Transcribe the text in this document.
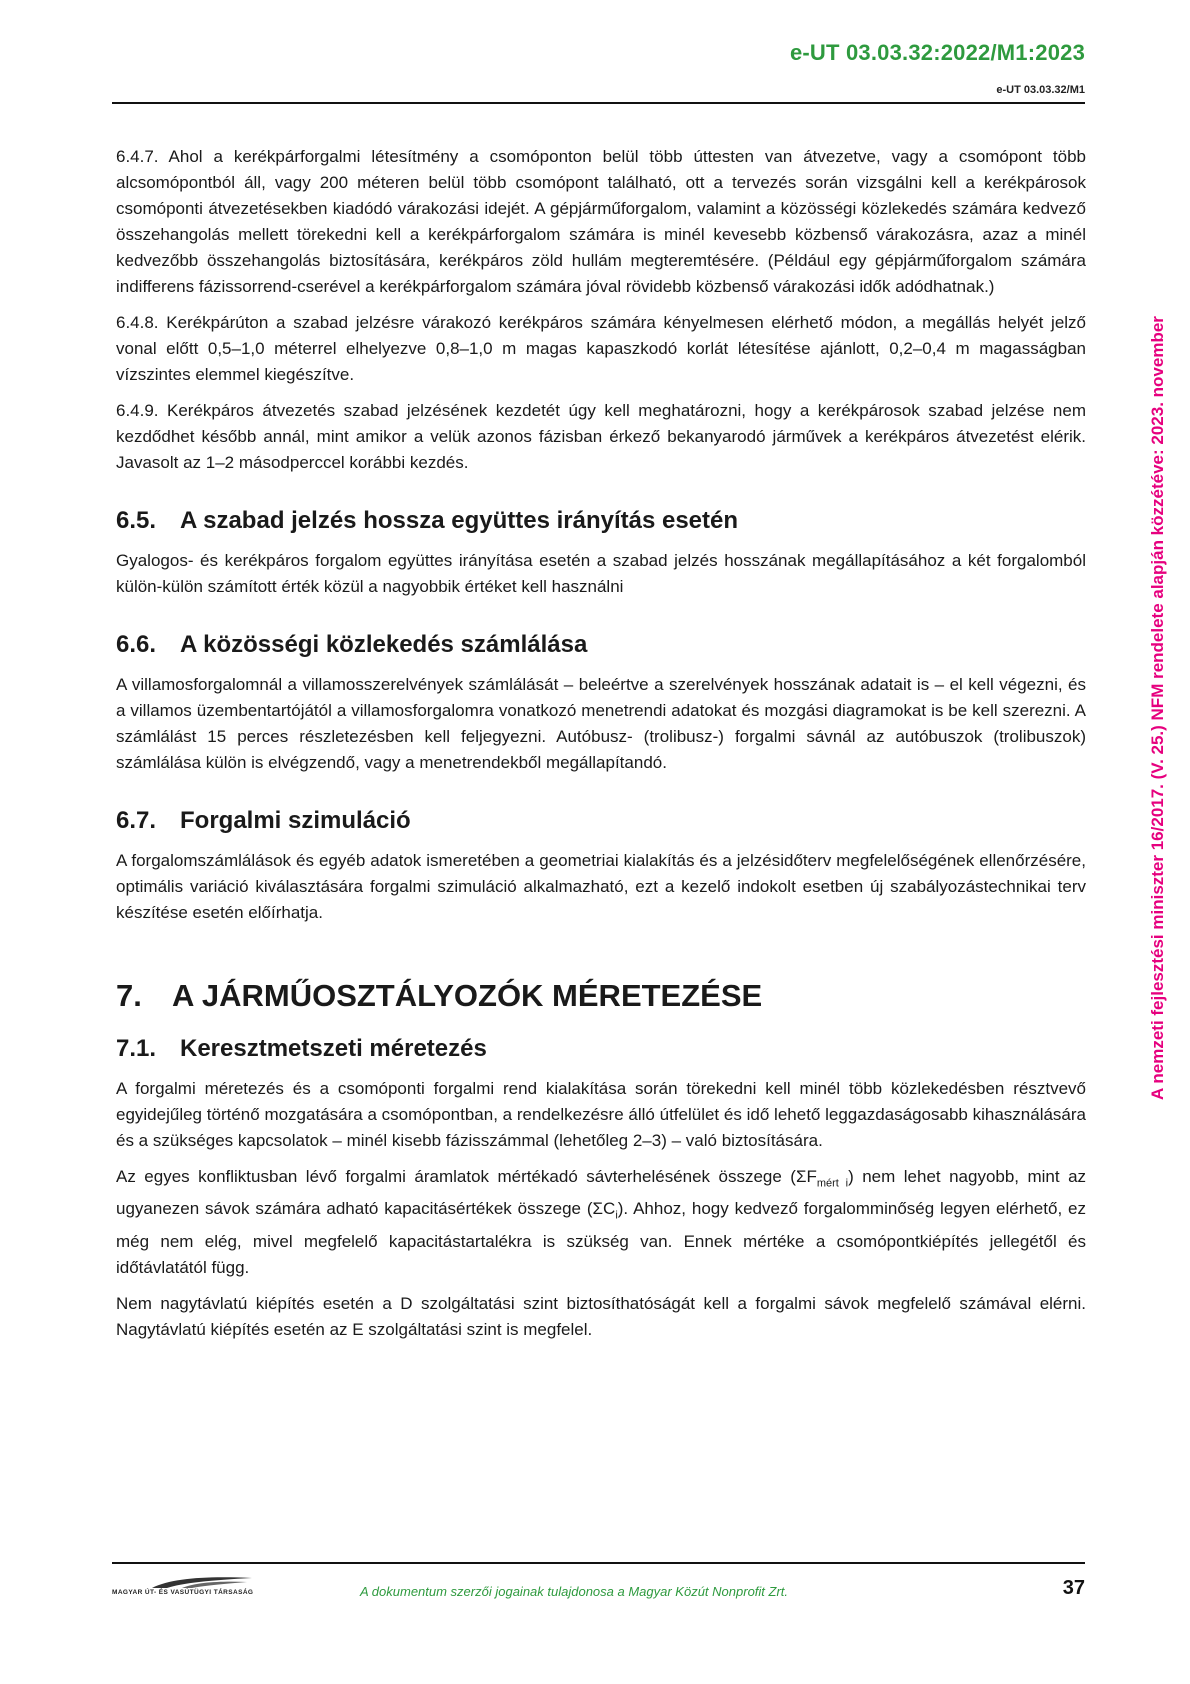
e-UT 03.03.32:2022/M1:2023
e-UT 03.03.32/M1
A nemzeti fejlesztési miniszter 16/2017. (V. 25.) NFM rendelete alapján közzétéve: 2023. november

6.4.7. Ahol a kerékpárforgalmi létesítmény a csomóponton belül több úttesten van átvezetve, vagy a csomópont több alcsomópontból áll, vagy 200 méteren belül több csomópont található, ott a tervezés során vizsgálni kell a kerékpárosok csomóponti átvezetésekben kiadódó várakozási idejét. A gépjárműforgalom, valamint a közösségi közlekedés számára kedvező összehangolás mellett törekedni kell a kerékpárforgalom számára is minél kevesebb közbenső várakozásra, azaz a minél kedvezőbb összehangolás biztosítására, kerékpáros zöld hullám megteremtésére. (Például egy gépjárműforgalom számára indifferens fázissorrend-cserével a kerékpárforgalom számára jóval rövidebb közbenső várakozási idők adódhatnak.)

6.4.8. Kerékpárúton a szabad jelzésre várakozó kerékpáros számára kényelmesen elérhető módon, a megállás helyét jelző vonal előtt 0,5–1,0 méterrel elhelyezve 0,8–1,0 m magas kapaszkodó korlát létesítése ajánlott, 0,2–0,4 m magasságban vízszintes elemmel kiegészítve.

6.4.9. Kerékpáros átvezetés szabad jelzésének kezdetét úgy kell meghatározni, hogy a kerékpárosok szabad jelzése nem kezdődhet később annál, mint amikor a velük azonos fázisban érkező bekanyarodó járművek a kerékpáros átvezetést elérik. Javasolt az 1–2 másodperccel korábbi kezdés.

6.5. A szabad jelzés hossza együttes irányítás esetén

Gyalogos- és kerékpáros forgalom együttes irányítása esetén a szabad jelzés hosszának megállapításához a két forgalomból külön-külön számított érték közül a nagyobbik értéket kell használni

6.6. A közösségi közlekedés számlálása

A villamosforgalomnál a villamosszerelvények számlálását – beleértve a szerelvények hosszának adatait is – el kell végezni, és a villamos üzembentartójától a villamosforgalomra vonatkozó menetrendi adatokat és mozgási diagramokat is be kell szerezni. A számlálást 15 perces részletezésben kell feljegyezni. Autóbusz- (trolibusz-) forgalmi sávnál az autóbuszok (trolibuszok) számlálása külön is elvégzendő, vagy a menetrendekből megállapítandó.

6.7. Forgalmi szimuláció

A forgalomszámlálások és egyéb adatok ismeretében a geometriai kialakítás és a jelzésidőterv megfelelőségének ellenőrzésére, optimális variáció kiválasztására forgalmi szimuláció alkalmazható, ezt a kezelő indokolt esetben új szabályozástechnikai terv készítése esetén előírhatja.

7. A JÁRMŰOSZTÁLYOZÓK MÉRETEZÉSE
7.1. Keresztmetszeti méretezés

A forgalmi méretezés és a csomóponti forgalmi rend kialakítása során törekedni kell minél több közlekedésben résztvevő egyidejűleg történő mozgatására a csomópontban, a rendelkezésre álló útfelület és idő lehető leggazdaságosabb kihasználására és a szükséges kapcsolatok – minél kisebb fázisszámmal (lehetőleg 2–3) – való biztosítására.

Az egyes konfliktusban lévő forgalmi áramlatok mértékadó sávterhelésének összege $(\Sigma F_{mért i})$ nem lehet nagyobb, mint az ugyanezen sávok számára adható kapacitásértékek összege $(\Sigma C_i)$. Ahhoz, hogy kedvező forgalomminőség legyen elérhető, ez még nem elég, mivel megfelelő kapacitástartalékra is szükség van. Ennek mértéke a csomópontkiépítés jellegétől és időtávlatától függ.

Nem nagytávlatú kiépítés esetén a D szolgáltatási szint biztosíthatóságát kell a forgalmi sávok megfelelő számával elérni. Nagytávlatú kiépítés esetén az E szolgáltatási szint is megfelel.

MAGYAR ÚT- ÉS VASÚTÜGYI TÁRSASÁG	A dokumentum szerzői jogainak tulajdonosa a Magyar Közút Nonprofit Zrt.	37
